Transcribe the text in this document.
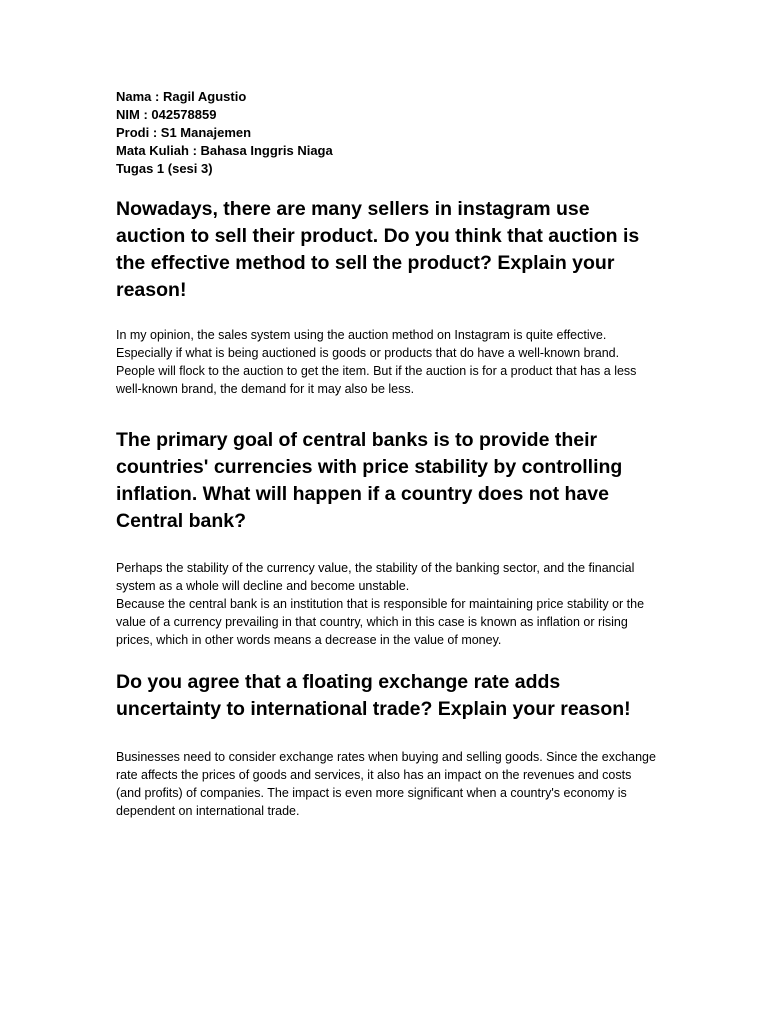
Nama : Ragil Agustio
NIM : 042578859
Prodi : S1 Manajemen
Mata Kuliah : Bahasa Inggris Niaga
Tugas 1 (sesi 3)
Nowadays, there are many sellers in instagram use auction to sell their product. Do you think that auction is the effective method to sell the product? Explain your reason!

In my opinion, the sales system using the auction method on Instagram is quite effective. Especially if what is being auctioned is goods or products that do have a well-known brand. People will flock to the auction to get the item. But if the auction is for a product that has a less well-known brand, the demand for it may also be less.

The primary goal of central banks is to provide their countries' currencies with price stability by controlling inflation. What will happen if a country does not have Central bank?

Perhaps the stability of the currency value, the stability of the banking sector, and the financial system as a whole will decline and become unstable.
Because the central bank is an institution that is responsible for maintaining price stability or the value of a currency prevailing in that country, which in this case is known as inflation or rising prices, which in other words means a decrease in the value of money.

Do you agree that a floating exchange rate adds uncertainty to international trade? Explain your reason!

Businesses need to consider exchange rates when buying and selling goods. Since the exchange rate affects the prices of goods and services, it also has an impact on the revenues and costs (and profits) of companies. The impact is even more significant when a country's economy is dependent on international trade.
